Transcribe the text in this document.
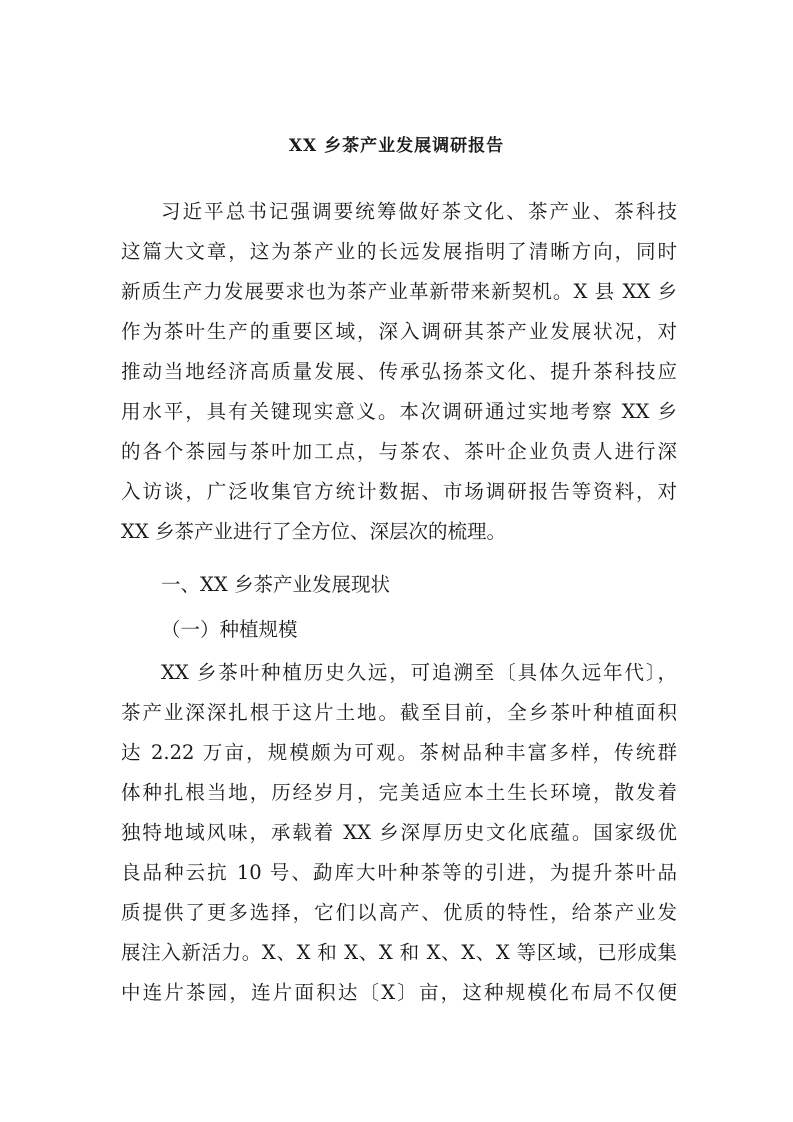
XX 乡茶产业发展调研报告
习近平总书记强调要统筹做好茶文化、茶产业、茶科技
这篇大文章，这为茶产业的长远发展指明了清晰方向，同时
新质生产力发展要求也为茶产业革新带来新契机。X 县 XX 乡
作为茶叶生产的重要区域，深入调研其茶产业发展状况，对
推动当地经济高质量发展、传承弘扬茶文化、提升茶科技应
用水平，具有关键现实意义。本次调研通过实地考察 XX 乡
的各个茶园与茶叶加工点，与茶农、茶叶企业负责人进行深
入访谈，广泛收集官方统计数据、市场调研报告等资料，对
XX 乡茶产业进行了全方位、深层次的梳理。
一、XX 乡茶产业发展现状
（一）种植规模
XX 乡茶叶种植历史久远，可追溯至〔具体久远年代〕，
茶产业深深扎根于这片土地。截至目前，全乡茶叶种植面积
达 2.22 万亩，规模颇为可观。茶树品种丰富多样，传统群
体种扎根当地，历经岁月，完美适应本土生长环境，散发着
独特地域风味，承载着 XX 乡深厚历史文化底蕴。国家级优
良品种云抗 10 号、勐库大叶种茶等的引进，为提升茶叶品
质提供了更多选择，它们以高产、优质的特性，给茶产业发
展注入新活力。X、X 和 X、X 和 X、X、X 等区域，已形成集
中连片茶园，连片面积达〔X〕亩，这种规模化布局不仅便
